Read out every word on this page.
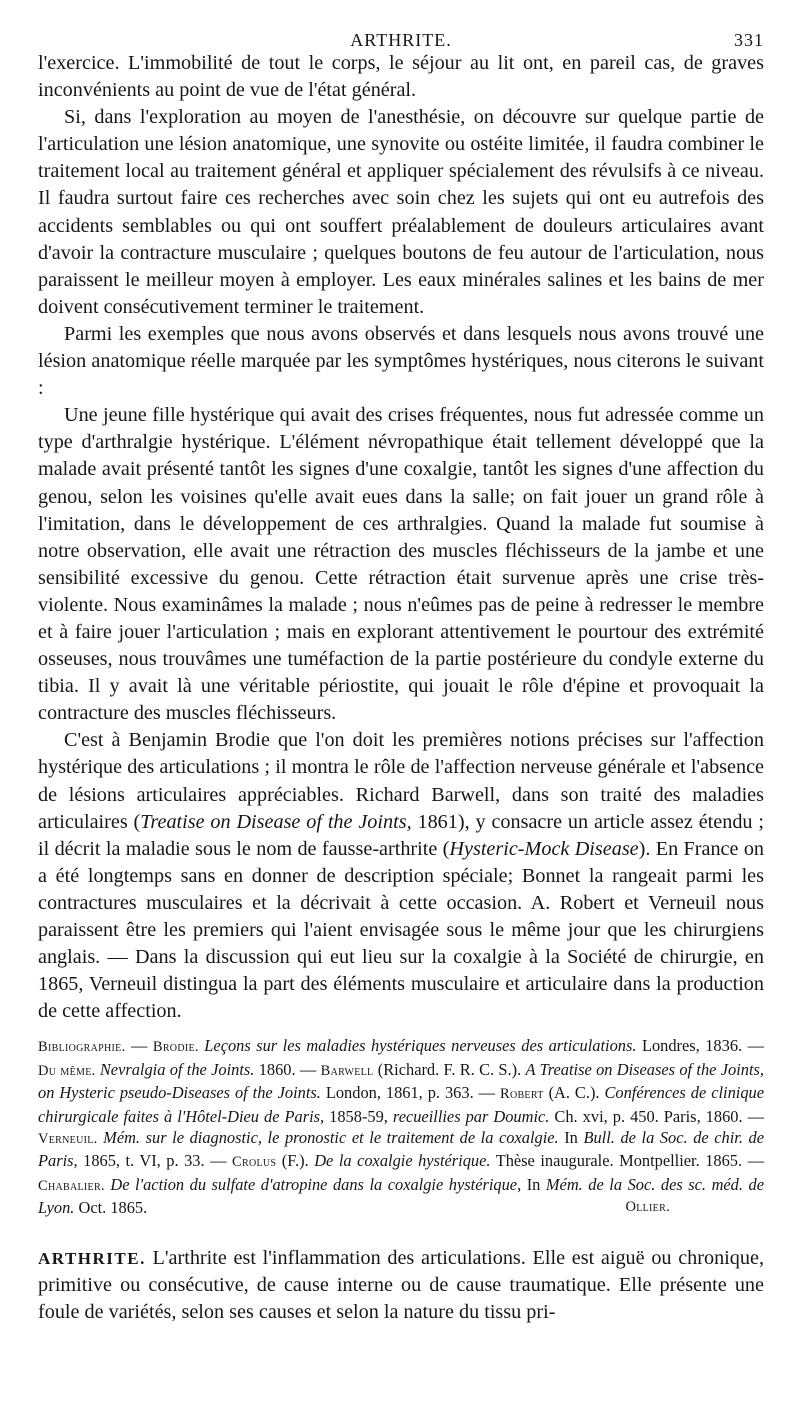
ARTHRITE.	331

l'exercice. L'immobilité de tout le corps, le séjour au lit ont, en pareil cas, de graves inconvénients au point de vue de l'état général.

Si, dans l'exploration au moyen de l'anesthésie, on découvre sur quelque partie de l'articulation une lésion anatomique, une synovite ou ostéite limitée, il faudra combiner le traitement local au traitement général et appliquer spécialement des révulsifs à ce niveau. Il faudra surtout faire ces recherches avec soin chez les sujets qui ont eu autrefois des accidents semblables ou qui ont souffert préalablement de douleurs articulaires avant d'avoir la contracture musculaire ; quelques boutons de feu autour de l'articulation, nous paraissent le meilleur moyen à employer. Les eaux minérales salines et les bains de mer doivent consécutivement terminer le traitement.

Parmi les exemples que nous avons observés et dans lesquels nous avons trouvé une lésion anatomique réelle marquée par les symptômes hystériques, nous citerons le suivant :

Une jeune fille hystérique qui avait des crises fréquentes, nous fut adressée comme un type d'arthralgie hystérique. L'élément névropathique était tellement développé que la malade avait présenté tantôt les signes d'une coxalgie, tantôt les signes d'une affection du genou, selon les voisines qu'elle avait eues dans la salle; on fait jouer un grand rôle à l'imitation, dans le développement de ces arthralgies. Quand la malade fut soumise à notre observation, elle avait une rétraction des muscles fléchisseurs de la jambe et une sensibilité excessive du genou. Cette rétraction était survenue après une crise très-violente. Nous examinâmes la malade ; nous n'eûmes pas de peine à redresser le membre et à faire jouer l'articulation ; mais en explorant attentivement le pourtour des extrémité osseuses, nous trouvâmes une tuméfaction de la partie postérieure du condyle externe du tibia. Il y avait là une véritable périostite, qui jouait le rôle d'épine et provoquait la contracture des muscles fléchisseurs.

C'est à Benjamin Brodie que l'on doit les premières notions précises sur l'affection hystérique des articulations ; il montra le rôle de l'affection nerveuse générale et l'absence de lésions articulaires appréciables. Richard Barwell, dans son traité des maladies articulaires (Treatise on Disease of the Joints, 1861), y consacre un article assez étendu ; il décrit la maladie sous le nom de fausse-arthrite (Hysteric-Mock Disease). En France on a été longtemps sans en donner de description spéciale; Bonnet la rangeait parmi les contractures musculaires et la décrivait à cette occasion. A. Robert et Verneuil nous paraissent être les premiers qui l'aient envisagée sous le même jour que les chirurgiens anglais. — Dans la discussion qui eut lieu sur la coxalgie à la Société de chirurgie, en 1865, Verneuil distingua la part des éléments musculaire et articulaire dans la production de cette affection.

Bibliographie. — Brodie. Leçons sur les maladies hystériques nerveuses des articulations. Londres, 1836. — Du même. Nevralgia of the Joints. 1860. — Barwell (Richard. F. R. C. S.). A Treatise on Diseases of the Joints, on Hysteric pseudo-Diseases of the Joints. London, 1861, p. 363. — Robert (A. C.). Conférences de clinique chirurgicale faites à l'Hôtel-Dieu de Paris, 1858-59, recueillies par Doumic. Ch. xvi, p. 450. Paris, 1860. — Verneuil. Mém. sur le diagnostic, le pronostic et le traitement de la coxalgie. In Bull. de la Soc. de chir. de Paris, 1865, t. VI, p. 33. — Crolus (F.). De la coxalgie hystérique. Thèse inaugurale. Montpellier. 1865. — Chabalier. De l'action du sulfate d'atropine dans la coxalgie hystérique, In Mém. de la Soc. des sc. méd. de Lyon. Oct. 1865.	Ollier.
ARTHRITE. L'arthrite est l'inflammation des articulations. Elle est aiguë ou chronique, primitive ou consécutive, de cause interne ou de cause traumatique. Elle présente une foule de variétés, selon ses causes et selon la nature du tissu pri-
